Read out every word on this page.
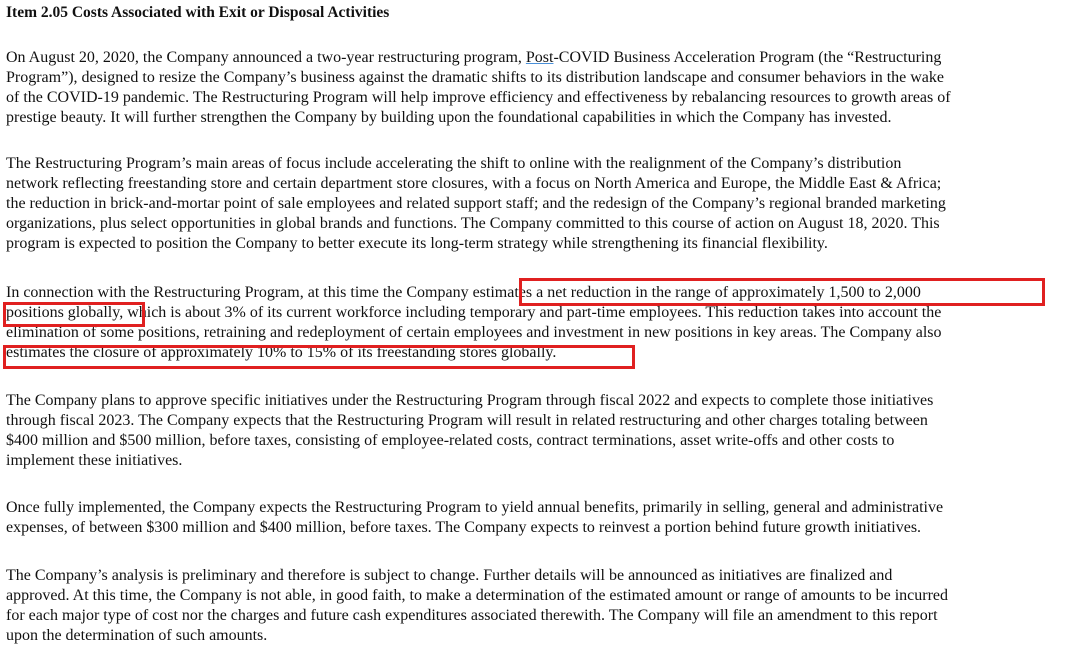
Item 2.05 Costs Associated with Exit or Disposal Activities
On August 20, 2020, the Company announced a two-year restructuring program, Post-COVID Business Acceleration Program (the “Restructuring
Program”), designed to resize the Company’s business against the dramatic shifts to its distribution landscape and consumer behaviors in the wake
of the COVID-19 pandemic. The Restructuring Program will help improve efficiency and effectiveness by rebalancing resources to growth areas of
prestige beauty. It will further strengthen the Company by building upon the foundational capabilities in which the Company has invested.
The Restructuring Program’s main areas of focus include accelerating the shift to online with the realignment of the Company’s distribution
network reflecting freestanding store and certain department store closures, with a focus on North America and Europe, the Middle East & Africa;
the reduction in brick-and-mortar point of sale employees and related support staff; and the redesign of the Company’s regional branded marketing
organizations, plus select opportunities in global brands and functions. The Company committed to this course of action on August 18, 2020. This
program is expected to position the Company to better execute its long-term strategy while strengthening its financial flexibility.
In connection with the Restructuring Program, at this time the Company estimates a net reduction in the range of approximately 1,500 to 2,000
positions globally, which is about 3% of its current workforce including temporary and part-time employees. This reduction takes into account the
elimination of some positions, retraining and redeployment of certain employees and investment in new positions in key areas. The Company also
estimates the closure of approximately 10% to 15% of its freestanding stores globally.
The Company plans to approve specific initiatives under the Restructuring Program through fiscal 2022 and expects to complete those initiatives
through fiscal 2023. The Company expects that the Restructuring Program will result in related restructuring and other charges totaling between
$400 million and $500 million, before taxes, consisting of employee-related costs, contract terminations, asset write-offs and other costs to
implement these initiatives.
Once fully implemented, the Company expects the Restructuring Program to yield annual benefits, primarily in selling, general and administrative
expenses, of between $300 million and $400 million, before taxes. The Company expects to reinvest a portion behind future growth initiatives.
The Company’s analysis is preliminary and therefore is subject to change. Further details will be announced as initiatives are finalized and
approved. At this time, the Company is not able, in good faith, to make a determination of the estimated amount or range of amounts to be incurred
for each major type of cost nor the charges and future cash expenditures associated therewith. The Company will file an amendment to this report
upon the determination of such amounts.
